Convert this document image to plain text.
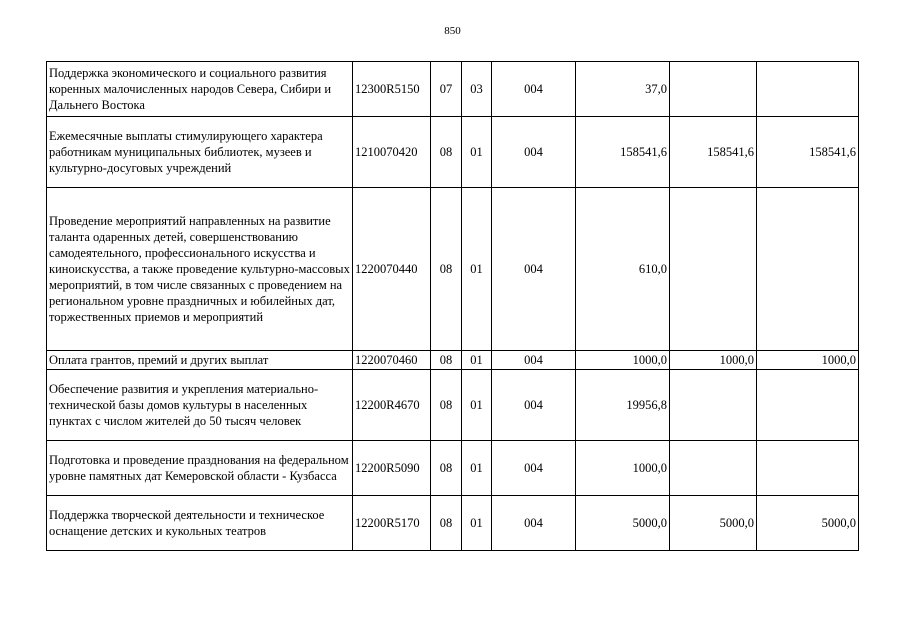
850
Поддержка экономического и социального развития коренных малочисленных народов Севера, Сибири и Дальнего Востока	12300R5150	07	03	004	37,0		
Ежемесячные выплаты стимулирующего характера работникам муниципальных библиотек, музеев и культурно-досуговых учреждений	1210070420	08	01	004	158541,6	158541,6	158541,6
Проведение мероприятий направленных на развитие таланта одаренных детей, совершенствованию самодеятельного, профессионального искусства и киноискусства, а также проведение культурно-массовых мероприятий, в том числе связанных с проведением на региональном уровне праздничных и юбилейных дат, торжественных приемов и мероприятий	1220070440	08	01	004	610,0		
Оплата грантов, премий и других выплат	1220070460	08	01	004	1000,0	1000,0	1000,0
Обеспечение развития и укрепления материально-технической базы домов культуры в населенных пунктах с числом жителей до 50 тысяч человек	12200R4670	08	01	004	19956,8		
Подготовка и проведение празднования на федеральном уровне памятных дат Кемеровской области - Кузбасса	12200R5090	08	01	004	1000,0		
Поддержка творческой деятельности и техническое оснащение детских и кукольных театров	12200R5170	08	01	004	5000,0	5000,0	5000,0
